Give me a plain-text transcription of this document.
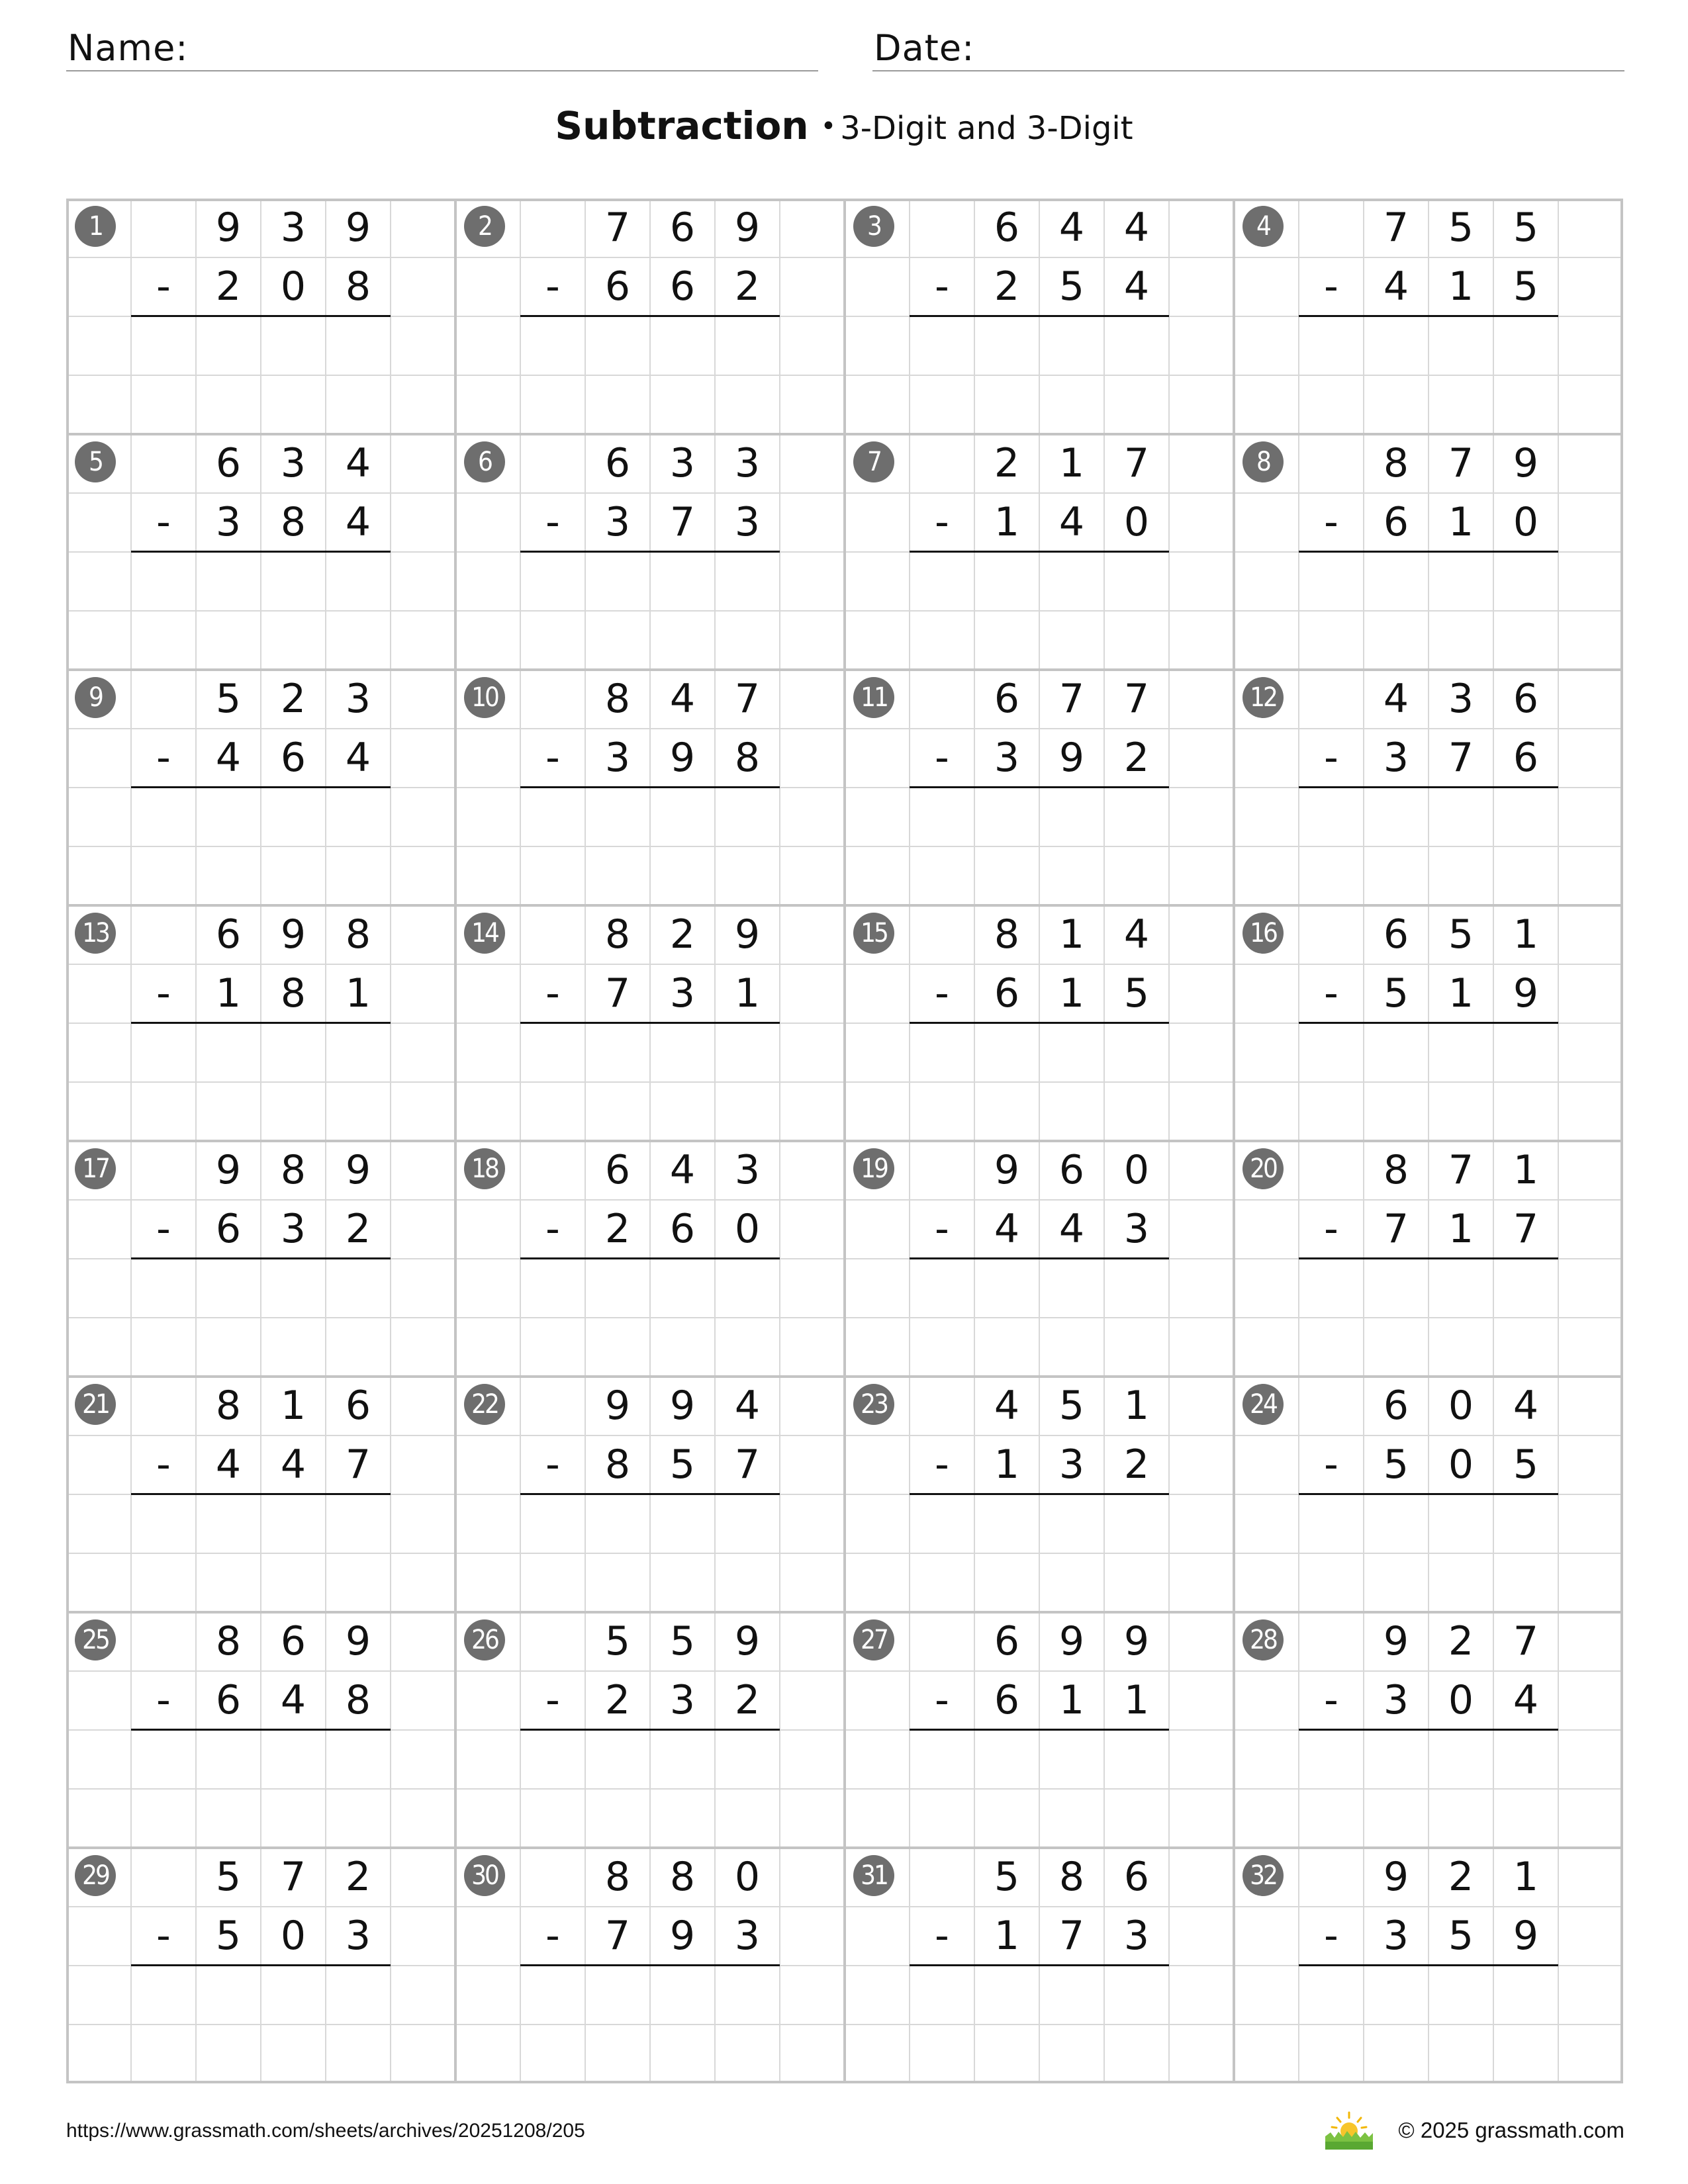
Name:	Date:
Subtraction • 3-Digit and 3-Digit
1	9 3 9
-	2 0 8
2	7 6 9
-	6 6 2
3	6 4 4
-	2 5 4
4	7 5 5
-	4 1 5
5	6 3 4
-	3 8 4
6	6 3 3
-	3 7 3
7	2 1 7
-	1 4 0
8	8 7 9
-	6 1 0
9	5 2 3
-	4 6 4
10	8 4 7
-	3 9 8
11	6 7 7
-	3 9 2
12	4 3 6
-	3 7 6
13	6 9 8
-	1 8 1
14	8 2 9
-	7 3 1
15	8 1 4
-	6 1 5
16	6 5 1
-	5 1 9
17	9 8 9
-	6 3 2
18	6 4 3
-	2 6 0
19	9 6 0
-	4 4 3
20	8 7 1
-	7 1 7
21	8 1 6
-	4 4 7
22	9 9 4
-	8 5 7
23	4 5 1
-	1 3 2
24	6 0 4
-	5 0 5
25	8 6 9
-	6 4 8
26	5 5 9
-	2 3 2
27	6 9 9
-	6 1 1
28	9 2 7
-	3 0 4
29	5 7 2
-	5 0 3
30	8 8 0
-	7 9 3
31	5 8 6
-	1 7 3
32	9 2 1
-	3 5 9
https://www.grassmath.com/sheets/archives/20251208/205	© 2025 grassmath.com
